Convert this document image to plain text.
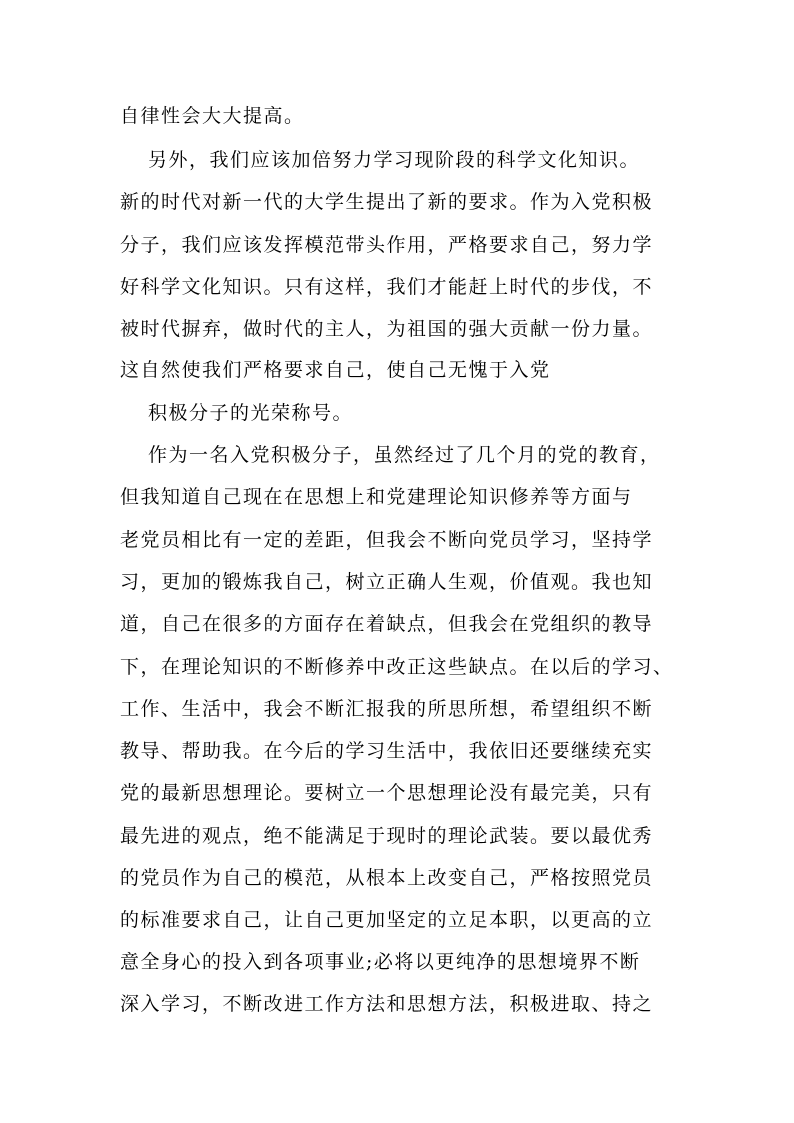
自律性会大大提高。
另外，我们应该加倍努力学习现阶段的科学文化知识。
新的时代对新一代的大学生提出了新的要求。作为入党积极
分子，我们应该发挥模范带头作用，严格要求自己，努力学
好科学文化知识。只有这样，我们才能赶上时代的步伐，不
被时代摒弃，做时代的主人，为祖国的强大贡献一份力量。
这自然使我们严格要求自己，使自己无愧于入党
积极分子的光荣称号。
作为一名入党积极分子，虽然经过了几个月的党的教育，
但我知道自己现在在思想上和党建理论知识修养等方面与
老党员相比有一定的差距，但我会不断向党员学习，坚持学
习，更加的锻炼我自己，树立正确人生观，价值观。我也知
道，自己在很多的方面存在着缺点，但我会在党组织的教导
下，在理论知识的不断修养中改正这些缺点。在以后的学习、
工作、生活中，我会不断汇报我的所思所想，希望组织不断
教导、帮助我。在今后的学习生活中，我依旧还要继续充实
党的最新思想理论。要树立一个思想理论没有最完美，只有
最先进的观点，绝不能满足于现时的理论武装。要以最优秀
的党员作为自己的模范，从根本上改变自己，严格按照党员
的标准要求自己，让自己更加坚定的立足本职，以更高的立
意全身心的投入到各项事业;必将以更纯净的思想境界不断
深入学习，不断改进工作方法和思想方法，积极进取、持之
